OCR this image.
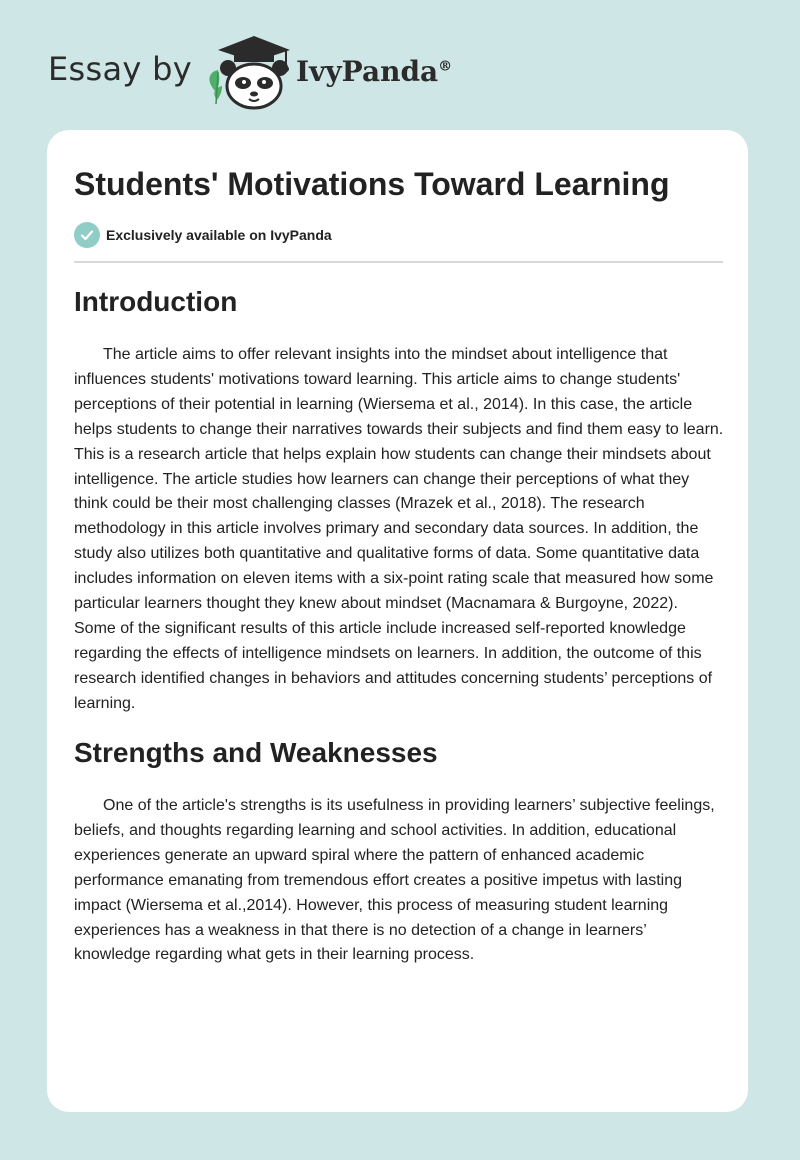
Essay by	IvyPanda®
Students' Motivations Toward Learning
Exclusively available on IvyPanda
Introduction

The article aims to offer relevant insights into the mindset about intelligence that influences students' motivations toward learning. This article aims to change students' perceptions of their potential in learning (Wiersema et al., 2014). In this case, the article helps students to change their narratives towards their subjects and find them easy to learn. This is a research article that helps explain how students can change their mindsets about intelligence. The article studies how learners can change their perceptions of what they think could be their most challenging classes (Mrazek et al., 2018). The research methodology in this article involves primary and secondary data sources. In addition, the study also utilizes both quantitative and qualitative forms of data. Some quantitative data includes information on eleven items with a six-point rating scale that measured how some particular learners thought they knew about mindset (Macnamara & Burgoyne, 2022). Some of the significant results of this article include increased self-reported knowledge regarding the effects of intelligence mindsets on learners. In addition, the outcome of this research identified changes in behaviors and attitudes concerning students’ perceptions of learning.

Strengths and Weaknesses

One of the article's strengths is its usefulness in providing learners’ subjective feelings, beliefs, and thoughts regarding learning and school activities. In addition, educational experiences generate an upward spiral where the pattern of enhanced academic performance emanating from tremendous effort creates a positive impetus with lasting impact (Wiersema et al.,2014). However, this process of measuring student learning experiences has a weakness in that there is no detection of a change in learners’ knowledge regarding what gets in their learning process.
